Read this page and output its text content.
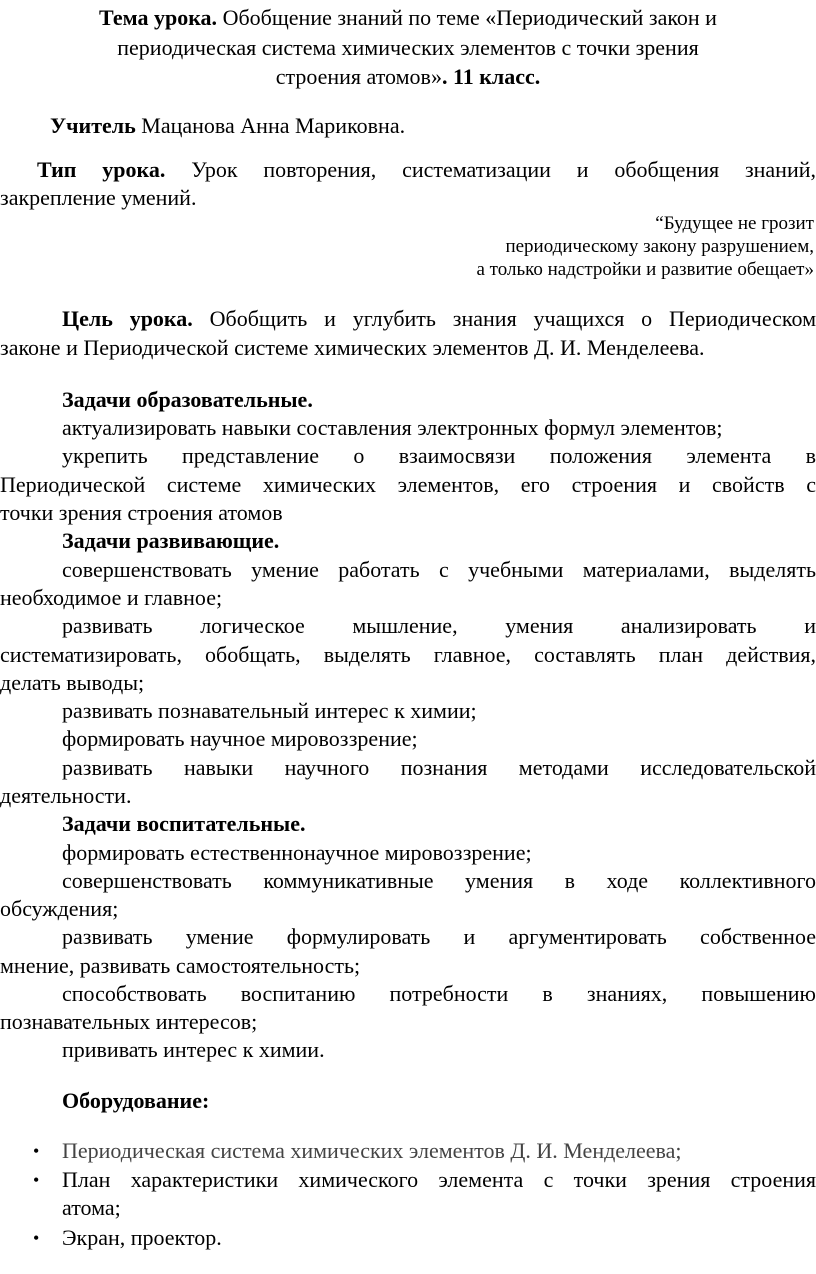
Тема урока. Обобщение знаний по теме «Периодический закон и
периодическая система химических элементов с точки зрения
строения атомов». 11 класс.
Учитель Мацанова Анна Мариковна.
Тип урока. Урок повторения, систематизации и обобщения знаний,
закрепление умений.
“Будущее не грозит
периодическому закону разрушением,
а только надстройки и развитие обещает»
Цель урока. Обобщить и углубить знания учащихся о Периодическом
законе и Периодической системе химических элементов Д. И. Менделеева.
Задачи образовательные.
актуализировать навыки составления электронных формул элементов;
укрепить представление о взаимосвязи положения элемента в
Периодической системе химических элементов, его строения и свойств с
точки зрения строения атомов
Задачи развивающие.
совершенствовать умение работать с учебными материалами, выделять
необходимое и главное;
развивать логическое мышление, умения анализировать и
систематизировать, обобщать, выделять главное, составлять план действия,
делать выводы;
развивать познавательный интерес к химии;
формировать научное мировоззрение;
развивать навыки научного познания методами исследовательской
деятельности.
Задачи воспитательные.
формировать естественнонаучное мировоззрение;
совершенствовать коммуникативные умения в ходе коллективного
обсуждения;
развивать умение формулировать и аргументировать собственное
мнение, развивать самостоятельность;
способствовать воспитанию потребности в знаниях, повышению
познавательных интересов;
прививать интерес к химии.
Оборудование:
• Периодическая система химических элементов Д. И. Менделеева;
• План характеристики химического элемента с точки зрения строения
атома;
• Экран, проектор.
